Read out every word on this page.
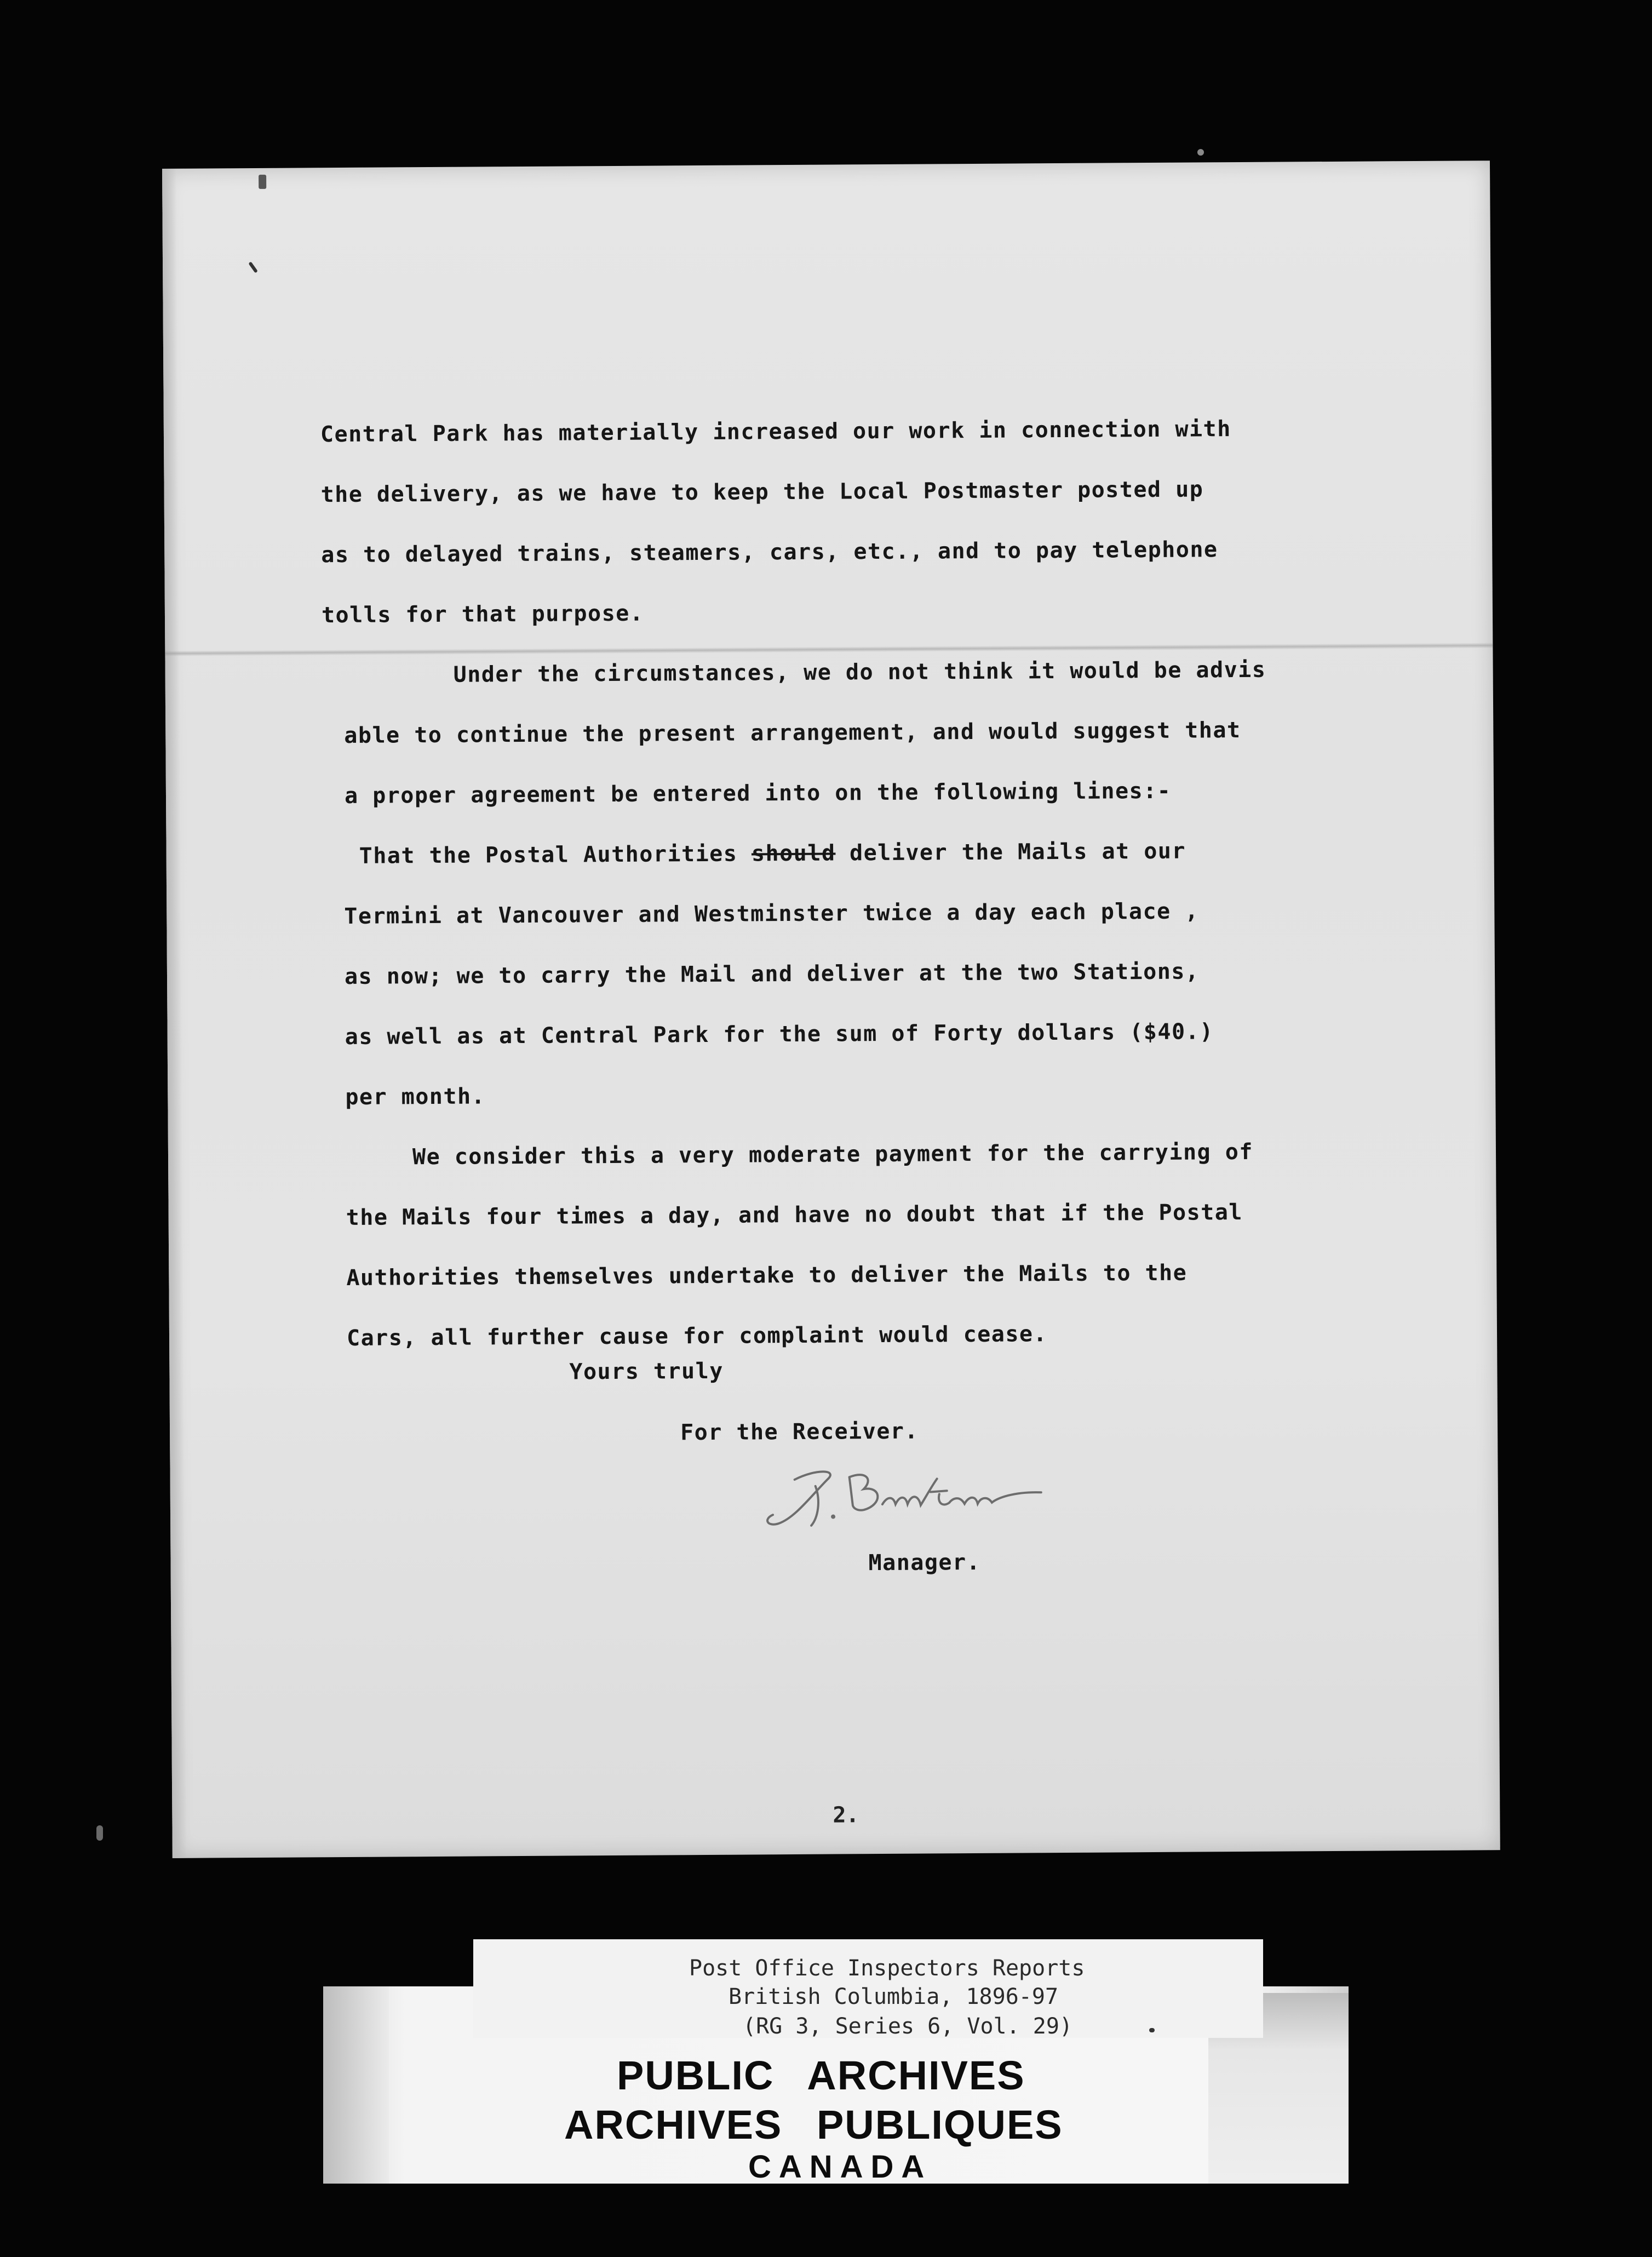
Central Park has materially increased our work in connection with
the delivery, as we have to keep the Local Postmaster posted up
as to delayed trains, steamers, cars, etc., and to pay telephone
tolls for that purpose.
Under the circumstances, we do not think it would be advis
able to continue the present arrangement, and would suggest that
a proper agreement be entered into on the following lines:-
That the Postal Authorities should deliver the Mails at our
Termini at Vancouver and Westminster twice a day each place ,
as now; we to carry the Mail and deliver at the two Stations,
as well as at Central Park for the sum of Forty dollars ($40.)
per month.
We consider this a very moderate payment for the carrying of
the Mails four times a day, and have no doubt that if the Postal
Authorities themselves undertake to deliver the Mails to the
Cars, all further cause for complaint would cease.
Yours truly
For the Receiver.
Manager.
2.
Post Office Inspectors Reports
British Columbia, 1896-97
(RG 3, Series 6, Vol. 29)
PUBLIC ARCHIVES
ARCHIVES PUBLIQUES
CANADA
